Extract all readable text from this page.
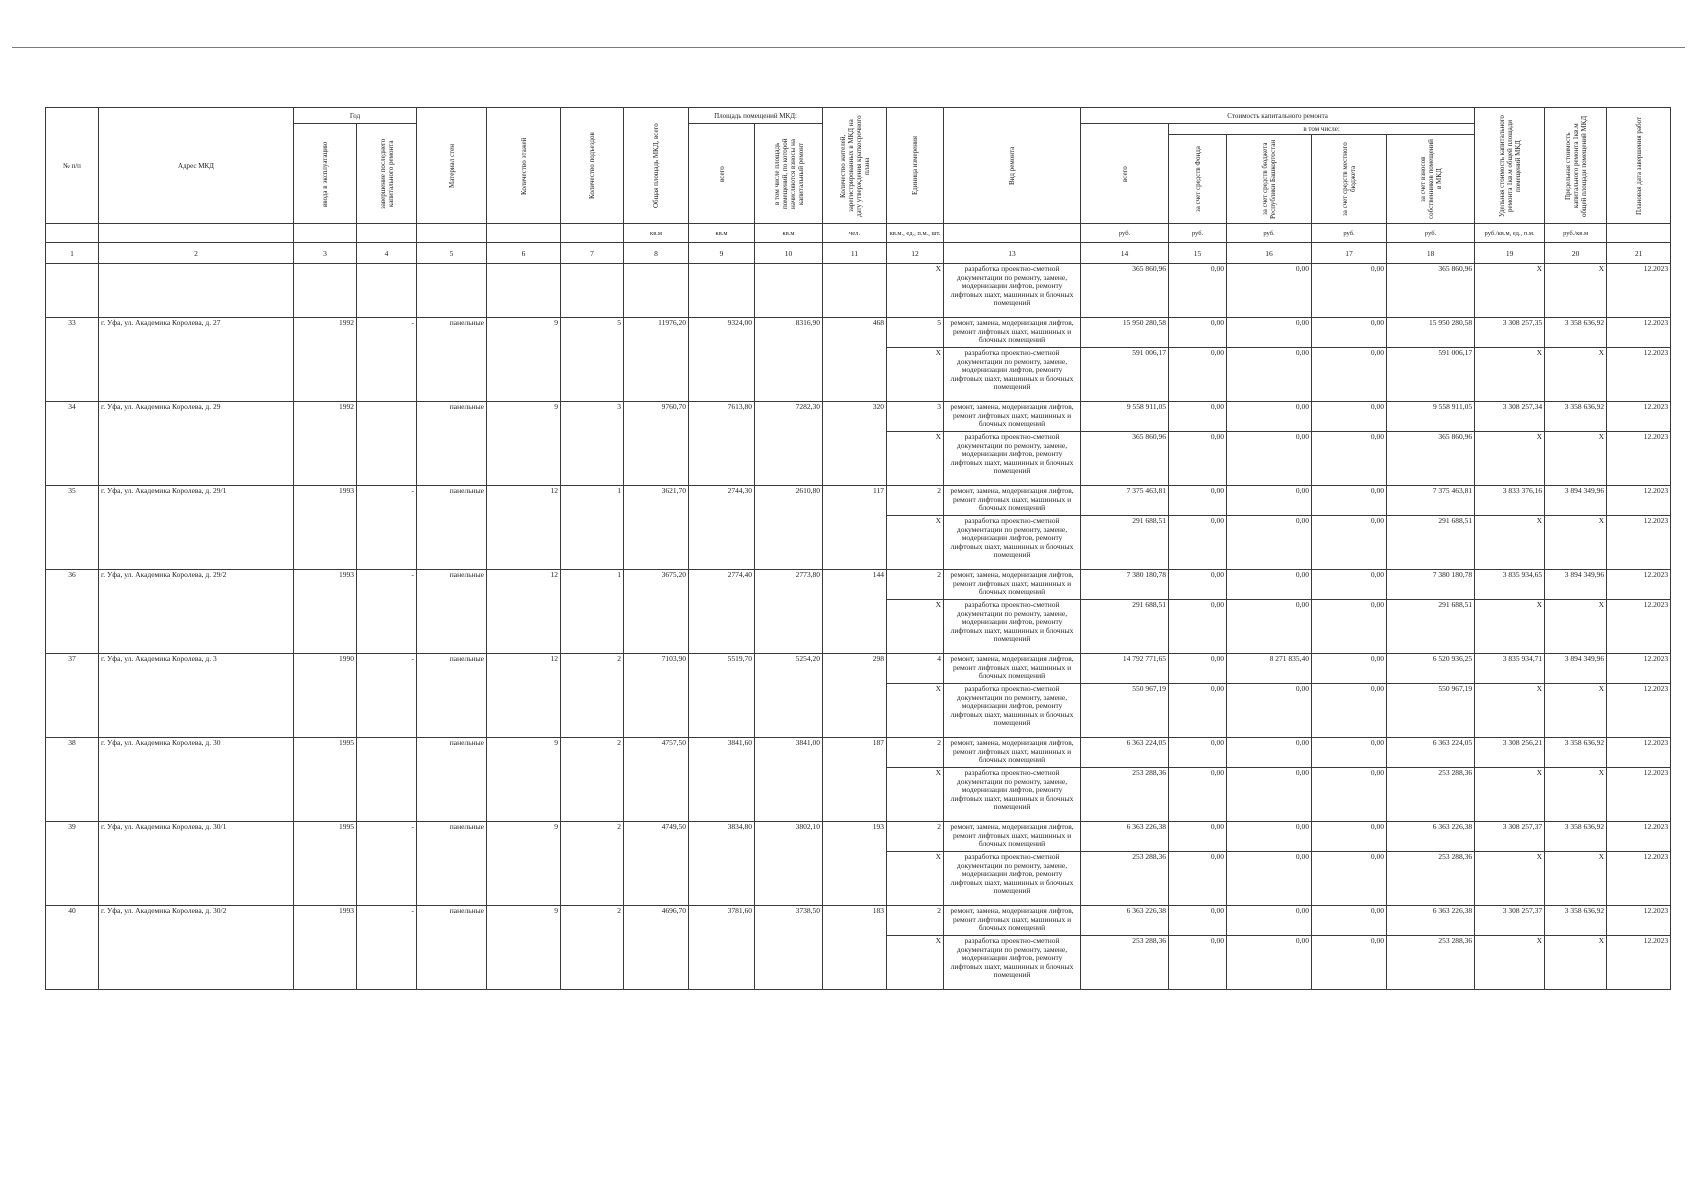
№ п/п	Адрес МКД	Год		Материал стен	Количество этажей	Количество подъездов	Общая площадь МКД, всего	Площадь помещений МКД:		Количество жителей, зарегистрированных в МКД на дату утверждения краткосрочного плана	Единица измерения	Вид ремонта	Стоимость капитального ремонта					Удельная стоимость капитального ремонта 1кв.м общей площади помещений МКД	Предельная стоимость капитального ремонта 1кв.м общей площади помещений МКД	Плановая дата завершения работ
		ввода в эксплуатацию	завершение последнего капитального ремонта					всего	в том числе площадь помещений, по которой начисляются взносы на капитальный ремонт				всего	в том числе:						
														за счет средств Фонда	за счет средств бюджета Республики Башкортостан	за счет средств местного бюджета	за счет взносов собственников помещений в МКД			
							кв.м	кв.м	кв.м	чел.	кв.м., ед., п.м., шт.		руб.	руб.	руб.	руб.	руб.	руб./кв.м, ед., п.м.	руб./кв.м	
1	2	3	4	5	6	7	8	9	10	11	12	13	14	15	16	17	18	19	20	21
											X	разработка проектно-сметной документации по ремонту, замене, модернизации лифтов, ремонту лифтовых шахт, машинных и блочных помещений	365 860,96	0,00	0,00	0,00	365 860,96	X	X	12.2023
33	г. Уфа, ул. Академика Королева, д. 27	1992	-	панельные	9	5	11976,20	9324,00	8316,90	468	5	ремонт, замена, модернизация лифтов, ремонт лифтовых шахт, машинных и блочных помещений	15 950 280,58	0,00	0,00	0,00	15 950 280,58	3 308 257,35	3 358 636,92	12.2023
											X	разработка проектно-сметной документации по ремонту, замене, модернизации лифтов, ремонту лифтовых шахт, машинных и блочных помещений	591 006,17	0,00	0,00	0,00	591 006,17	X	X	12.2023
34	г. Уфа, ул. Академика Королева, д. 29	1992		панельные	9	3	9760,70	7613,80	7282,30	320	3	ремонт, замена, модернизация лифтов, ремонт лифтовых шахт, машинных и блочных помещений	9 558 911,05	0,00	0,00	0,00	9 558 911,05	3 308 257,34	3 358 636,92	12.2023
											X	разработка проектно-сметной документации по ремонту, замене, модернизации лифтов, ремонту лифтовых шахт, машинных и блочных помещений	365 860,96	0,00	0,00	0,00	365 860,96	X	X	12.2023
35	г. Уфа, ул. Академика Королева, д. 29/1	1993	-	панельные	12	1	3621,70	2744,30	2610,80	117	2	ремонт, замена, модернизация лифтов, ремонт лифтовых шахт, машинных и блочных помещений	7 375 463,81	0,00	0,00	0,00	7 375 463,81	3 833 376,16	3 894 349,96	12.2023
											X	разработка проектно-сметной документации по ремонту, замене, модернизации лифтов, ремонту лифтовых шахт, машинных и блочных помещений	291 688,51	0,00	0,00	0,00	291 688,51	X	X	12.2023
36	г. Уфа, ул. Академика Королева, д. 29/2	1993	-	панельные	12	1	3675,20	2774,40	2773,80	144	2	ремонт, замена, модернизация лифтов, ремонт лифтовых шахт, машинных и блочных помещений	7 380 180,78	0,00	0,00	0,00	7 380 180,78	3 835 934,65	3 894 349,96	12.2023
											X	разработка проектно-сметной документации по ремонту, замене, модернизации лифтов, ремонту лифтовых шахт, машинных и блочных помещений	291 688,51	0,00	0,00	0,00	291 688,51	X	X	12.2023
37	г. Уфа, ул. Академика Королева, д. 3	1990	-	панельные	12	2	7103,90	5519,70	5254,20	298	4	ремонт, замена, модернизация лифтов, ремонт лифтовых шахт, машинных и блочных помещений	14 792 771,65	0,00	8 271 835,40	0,00	6 520 936,25	3 835 934,71	3 894 349,96	12.2023
											X	разработка проектно-сметной документации по ремонту, замене, модернизации лифтов, ремонту лифтовых шахт, машинных и блочных помещений	550 967,19	0,00	0,00	0,00	550 967,19	X	X	12.2023
38	г. Уфа, ул. Академика Королева, д. 30	1995		панельные	9	2	4757,50	3841,60	3841,00	187	2	ремонт, замена, модернизация лифтов, ремонт лифтовых шахт, машинных и блочных помещений	6 363 224,05	0,00	0,00	0,00	6 363 224,05	3 308 256,21	3 358 636,92	12.2023
											X	разработка проектно-сметной документации по ремонту, замене, модернизации лифтов, ремонту лифтовых шахт, машинных и блочных помещений	253 288,36	0,00	0,00	0,00	253 288,36	X	X	12.2023
39	г. Уфа, ул. Академика Королева, д. 30/1	1995	-	панельные	9	2	4749,50	3834,80	3802,10	193	2	ремонт, замена, модернизация лифтов, ремонт лифтовых шахт, машинных и блочных помещений	6 363 226,38	0,00	0,00	0,00	6 363 226,38	3 308 257,37	3 358 636,92	12.2023
											X	разработка проектно-сметной документации по ремонту, замене, модернизации лифтов, ремонту лифтовых шахт, машинных и блочных помещений	253 288,36	0,00	0,00	0,00	253 288,36	X	X	12.2023
40	г. Уфа, ул. Академика Королева, д. 30/2	1993	-	панельные	9	2	4696,70	3781,60	3738,50	183	2	ремонт, замена, модернизация лифтов, ремонт лифтовых шахт, машинных и блочных помещений	6 363 226,38	0,00	0,00	0,00	6 363 226,38	3 308 257,37	3 358 636,92	12.2023
											X	разработка проектно-сметной документации по ремонту, замене, модернизации лифтов, ремонту лифтовых шахт, машинных и блочных помещений	253 288,36	0,00	0,00	0,00	253 288,36	X	X	12.2023
